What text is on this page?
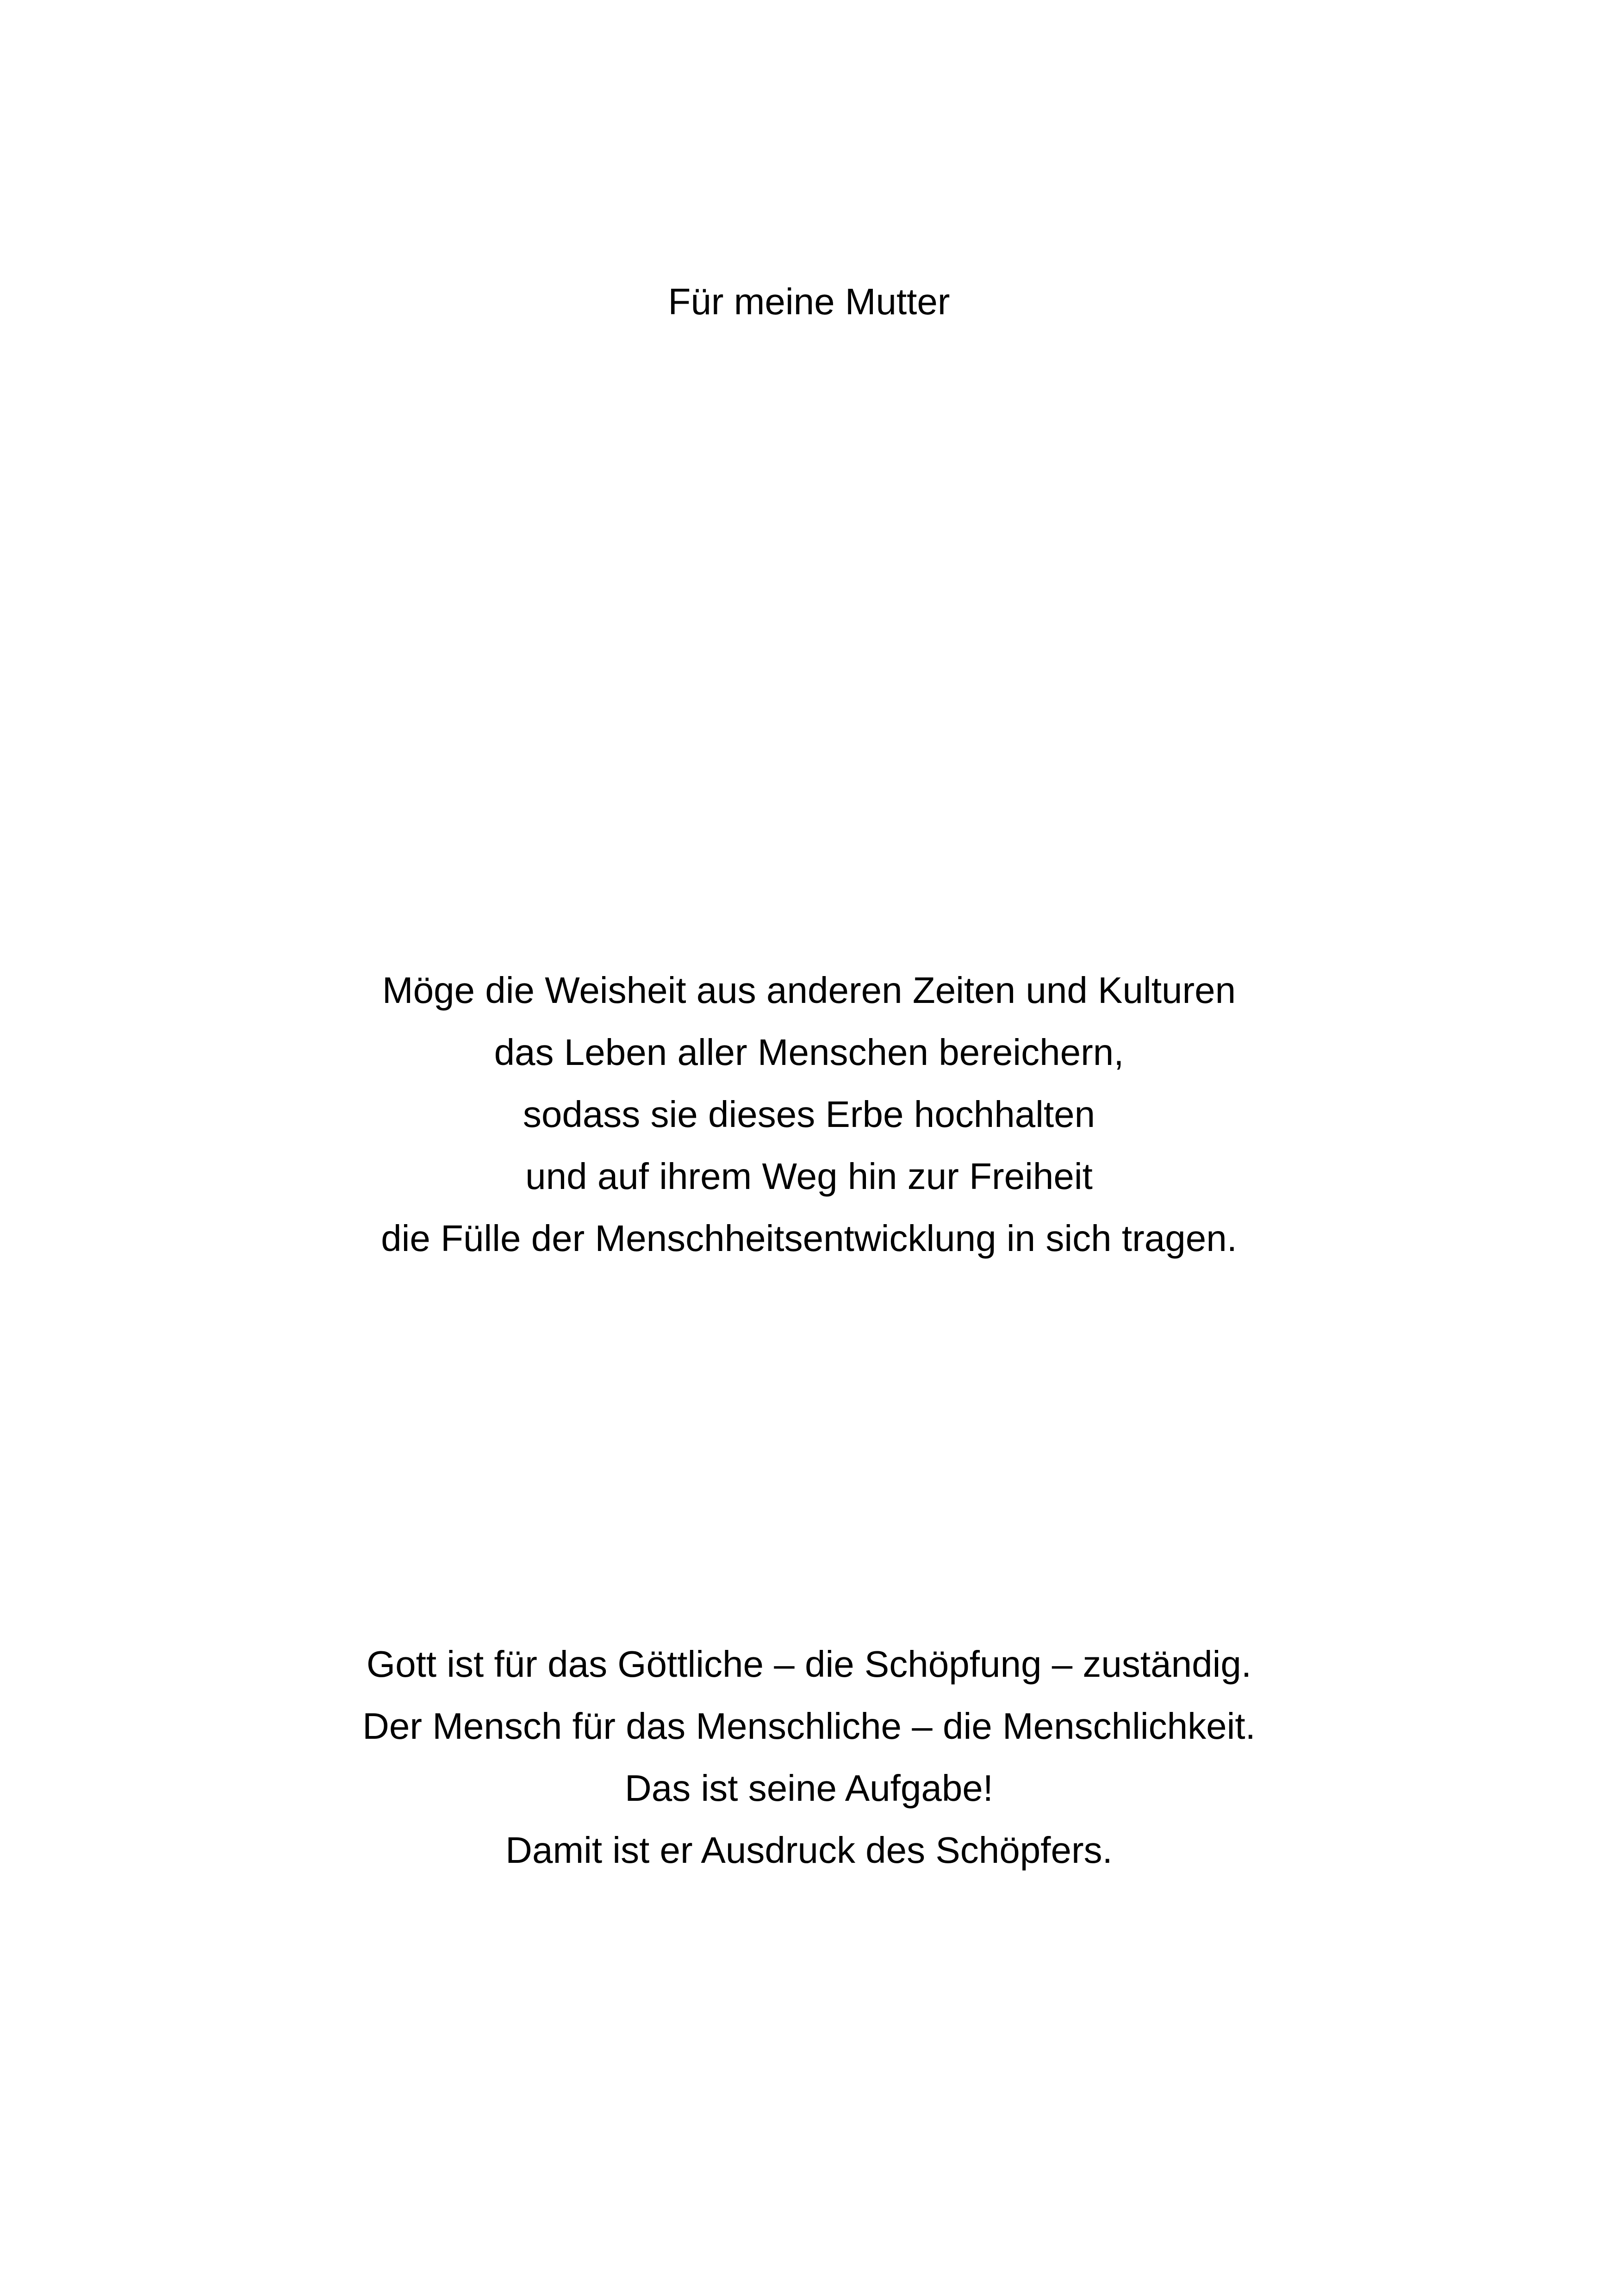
Für meine Mutter
Möge die Weisheit aus anderen Zeiten und Kulturen
das Leben aller Menschen bereichern,
sodass sie dieses Erbe hochhalten
und auf ihrem Weg hin zur Freiheit
die Fülle der Menschheitsentwicklung in sich tragen.
Gott ist für das Göttliche – die Schöpfung – zuständig.
Der Mensch für das Menschliche – die Menschlichkeit.
Das ist seine Aufgabe!
Damit ist er Ausdruck des Schöpfers.
